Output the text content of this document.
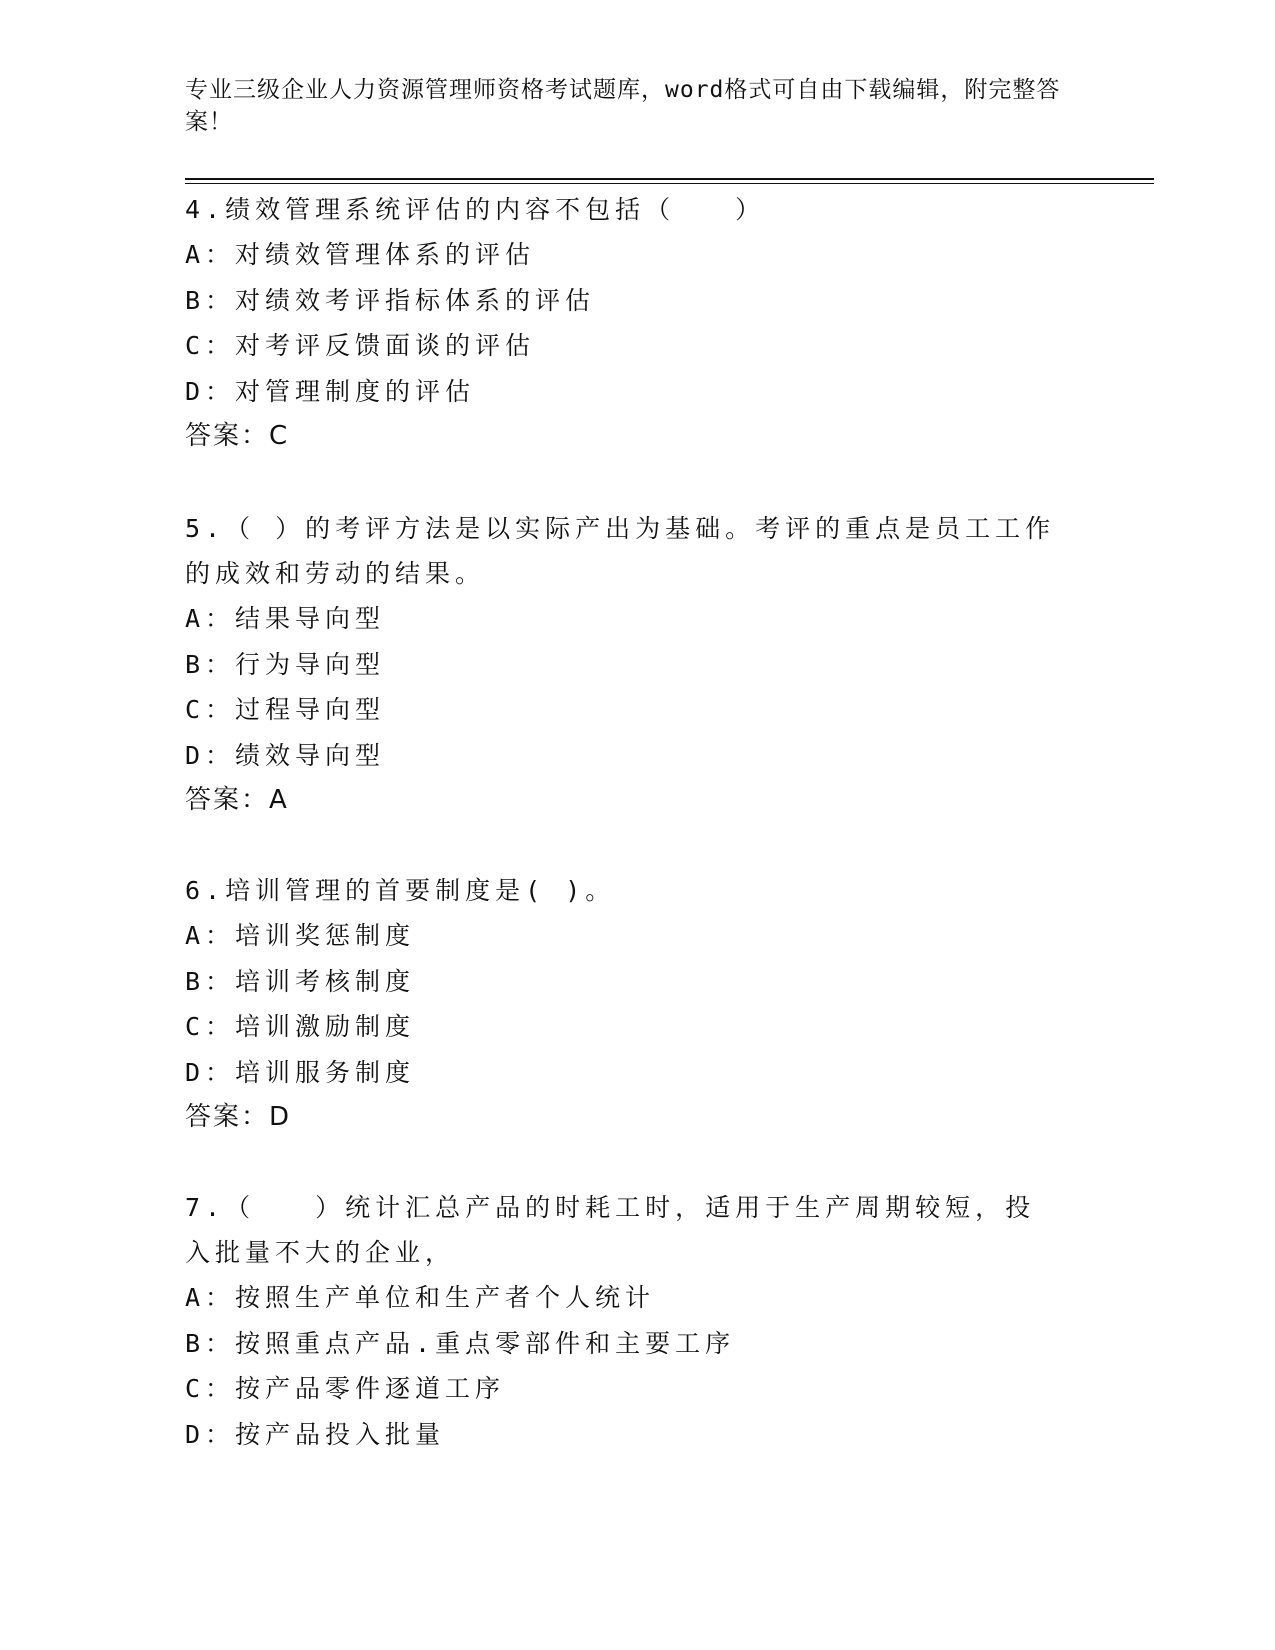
专业三级企业人力资源管理师资格考试题库，word格式可自由下载编辑，附完整答案！
4.绩效管理系统评估的内容不包括（　　）
A：对绩效管理体系的评估
B：对绩效考评指标体系的评估
C：对考评反馈面谈的评估
D：对管理制度的评估
答案：C
5.（ ）的考评方法是以实际产出为基础。考评的重点是员工工作的成效和劳动的结果。
A：结果导向型
B：行为导向型
C：过程导向型
D：绩效导向型
答案：A
6.培训管理的首要制度是( )。
A：培训奖惩制度
B：培训考核制度
C：培训激励制度
D：培训服务制度
答案：D
7.（　　）统计汇总产品的时耗工时，适用于生产周期较短，投入批量不大的企业，
A：按照生产单位和生产者个人统计
B：按照重点产品.重点零部件和主要工序
C：按产品零件逐道工序
D：按产品投入批量
